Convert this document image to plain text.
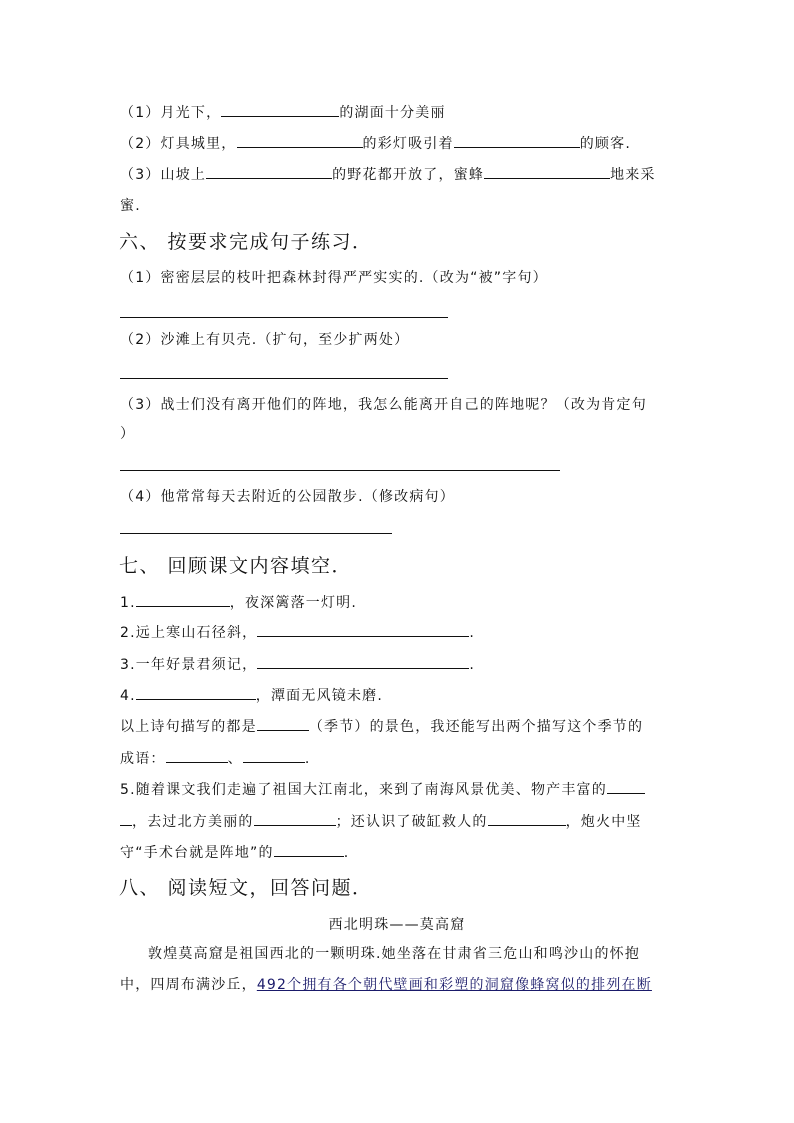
（1）月光下，	的湖面十分美丽
（2）灯具城里，	的彩灯吸引着	的顾客.
（3）山坡上	的野花都开放了，蜜蜂	地来采
蜜.
六、 按要求完成句子练习．
（1）密密层层的枝叶把森林封得严严实实的.（改为“被”字句）
（2）沙滩上有贝壳.（扩句，至少扩两处）
（3）战士们没有离开他们的阵地，我怎么能离开自己的阵地呢？（改为肯定句
）
（4）他常常每天去附近的公园散步.（修改病句）
七、 回顾课文内容填空．
1.	，夜深篱落一灯明.
2.远上寒山石径斜，	.
3.一年好景君须记，	.
4.	，潭面无风镜未磨.
以上诗句描写的都是	（季节）的景色，我还能写出两个描写这个季节的
成语：	、	.
5.随着课文我们走遍了祖国大江南北，来到了南海风景优美、物产丰富的
，去过北方美丽的	；还认识了破缸救人的	，炮火中坚
守“手术台就是阵地”的	.
八、 阅读短文，回答问题．
西北明珠——莫高窟
敦煌莫高窟是祖国西北的一颗明珠.她坐落在甘肃省三危山和鸣沙山的怀抱
中，四周布满沙丘，492个拥有各个朝代壁画和彩塑的洞窟像蜂窝似的排列在断
